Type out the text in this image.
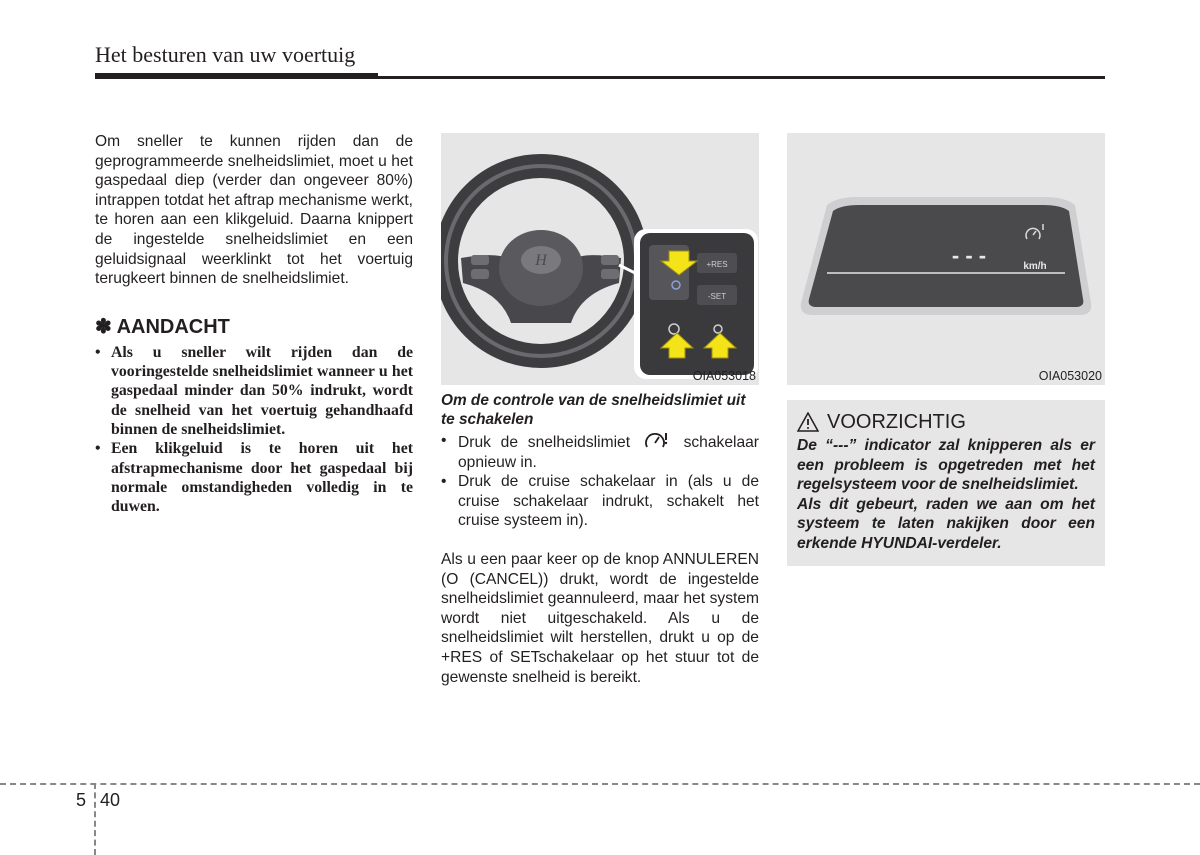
Het besturen van uw voertuig

Om sneller te kunnen rijden dan de geprogrammeerde snelheidslimiet, moet u het gaspedaal diep (verder dan ongeveer 80%) intrappen totdat het aftrap mechanisme werkt, te horen aan een klikgeluid. Daarna knippert de ingestelde snelheidslimiet en een geluidsignaal weerklinkt tot het voertuig terugkeert binnen de snelheidslimiet.

✽ AANDACHT
• Als u sneller wilt rijden dan de vooringestelde snelheidslimiet wanneer u het gaspedaal minder dan 50% indrukt, wordt de snelheid van het voertuig gehandhaafd binnen de snelheidslimiet.
• Een klikgeluid is te horen uit het afstrapmechanisme door het gaspedaal bij normale omstandigheden volledig in te duwen.
H	+RES
-SET
OIA053018
Om de controle van de snelheidslimiet uit te schakelen
• Druk de snelheidslimiet	schakelaar opnieuw in.
• Druk de cruise schakelaar in (als u de cruise schakelaar indrukt, schakelt het cruise systeem in).

Als u een paar keer op de knop ANNULEREN (O (CANCEL)) drukt, wordt de ingestelde snelheidslimiet geannuleerd, maar het system wordt niet uitgeschakeld. Als u de snelheidslimiet wilt herstellen, drukt u op de +RES of SETschakelaar op het stuur tot de gewenste snelheid is bereikt.

- - -	km/h
OIA053020
VOORZICHTIG

De “---” indicator zal knipperen als er een probleem is opgetreden met het regelsysteem voor de snelheidslimiet.

Als dit gebeurt, raden we aan om het systeem te laten nakijken door een erkende HYUNDAI-verdeler.

5 40
